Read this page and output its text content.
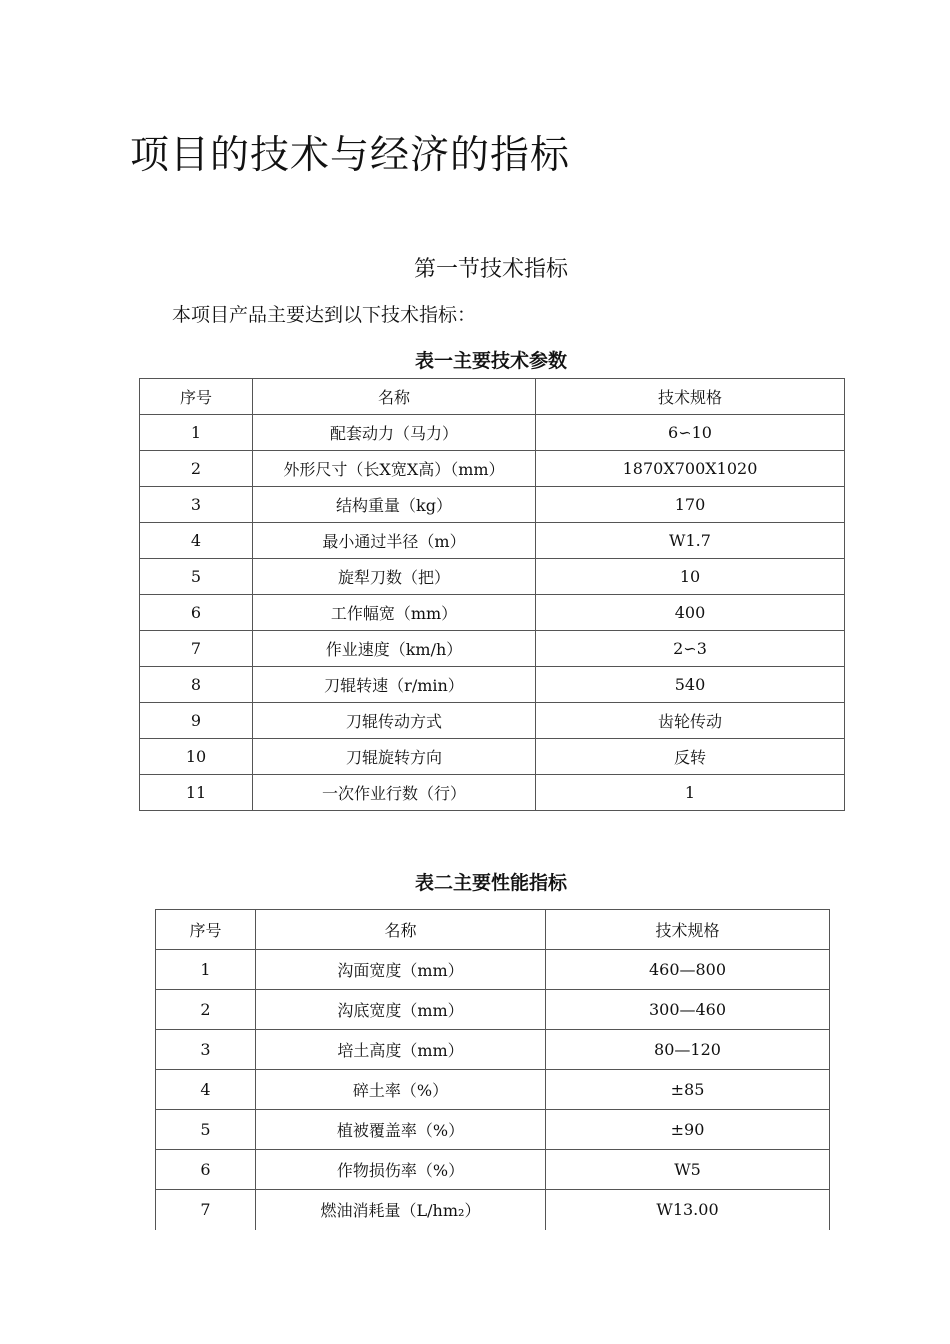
项目的技术与经济的指标
第一节技术指标

本项目产品主要达到以下技术指标：

表一主要技术参数

序号	名称	技术规格
1	配套动力（马力）	6∽10
2	外形尺寸（长X宽X高）（mm）	1870X700X1020
3	结构重量（kg）	170
4	最小通过半径（m）	W1.7
5	旋犁刀数（把）	10
6	工作幅宽（mm）	400
7	作业速度（km/h）	2∽3
8	刀辊转速（r/min）	540
9	刀辊传动方式	齿轮传动
10	刀辊旋转方向	反转
11	一次作业行数（行）	1

表二主要性能指标

序号	名称	技术规格
1	沟面宽度（mm）	460—800
2	沟底宽度（mm）	300—460
3	培土高度（mm）	80—120
4	碎土率（%）	±85
5	植被覆盖率（%）	±90
6	作物损伤率（%）	W5
7	燃油消耗量（L/hm₂）	W13.00
